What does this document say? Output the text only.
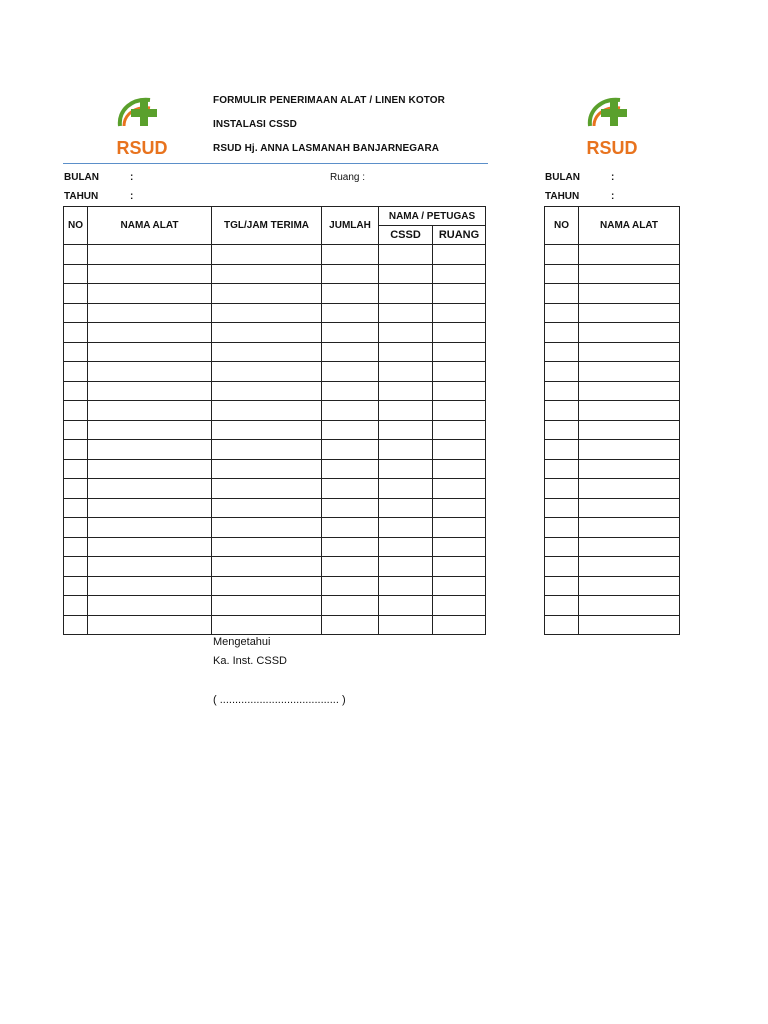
RSUD	RSUD
FORMULIR PENERIMAAN ALAT / LINEN KOTOR
INSTALASI CSSD
RSUD Hj. ANNA LASMANAH BANJARNEGARA
BULAN	:
TAHUN	:
Ruang :	BULAN	:
TAHUN	:
NO	NAMA ALAT	TGL/JAM TERIMA	JUMLAH	NAMA / PETUGAS	
				CSSD	RUANG

NO	NAMA ALAT

Mengetahui
Ka. Inst. CSSD
( ....................................... )
